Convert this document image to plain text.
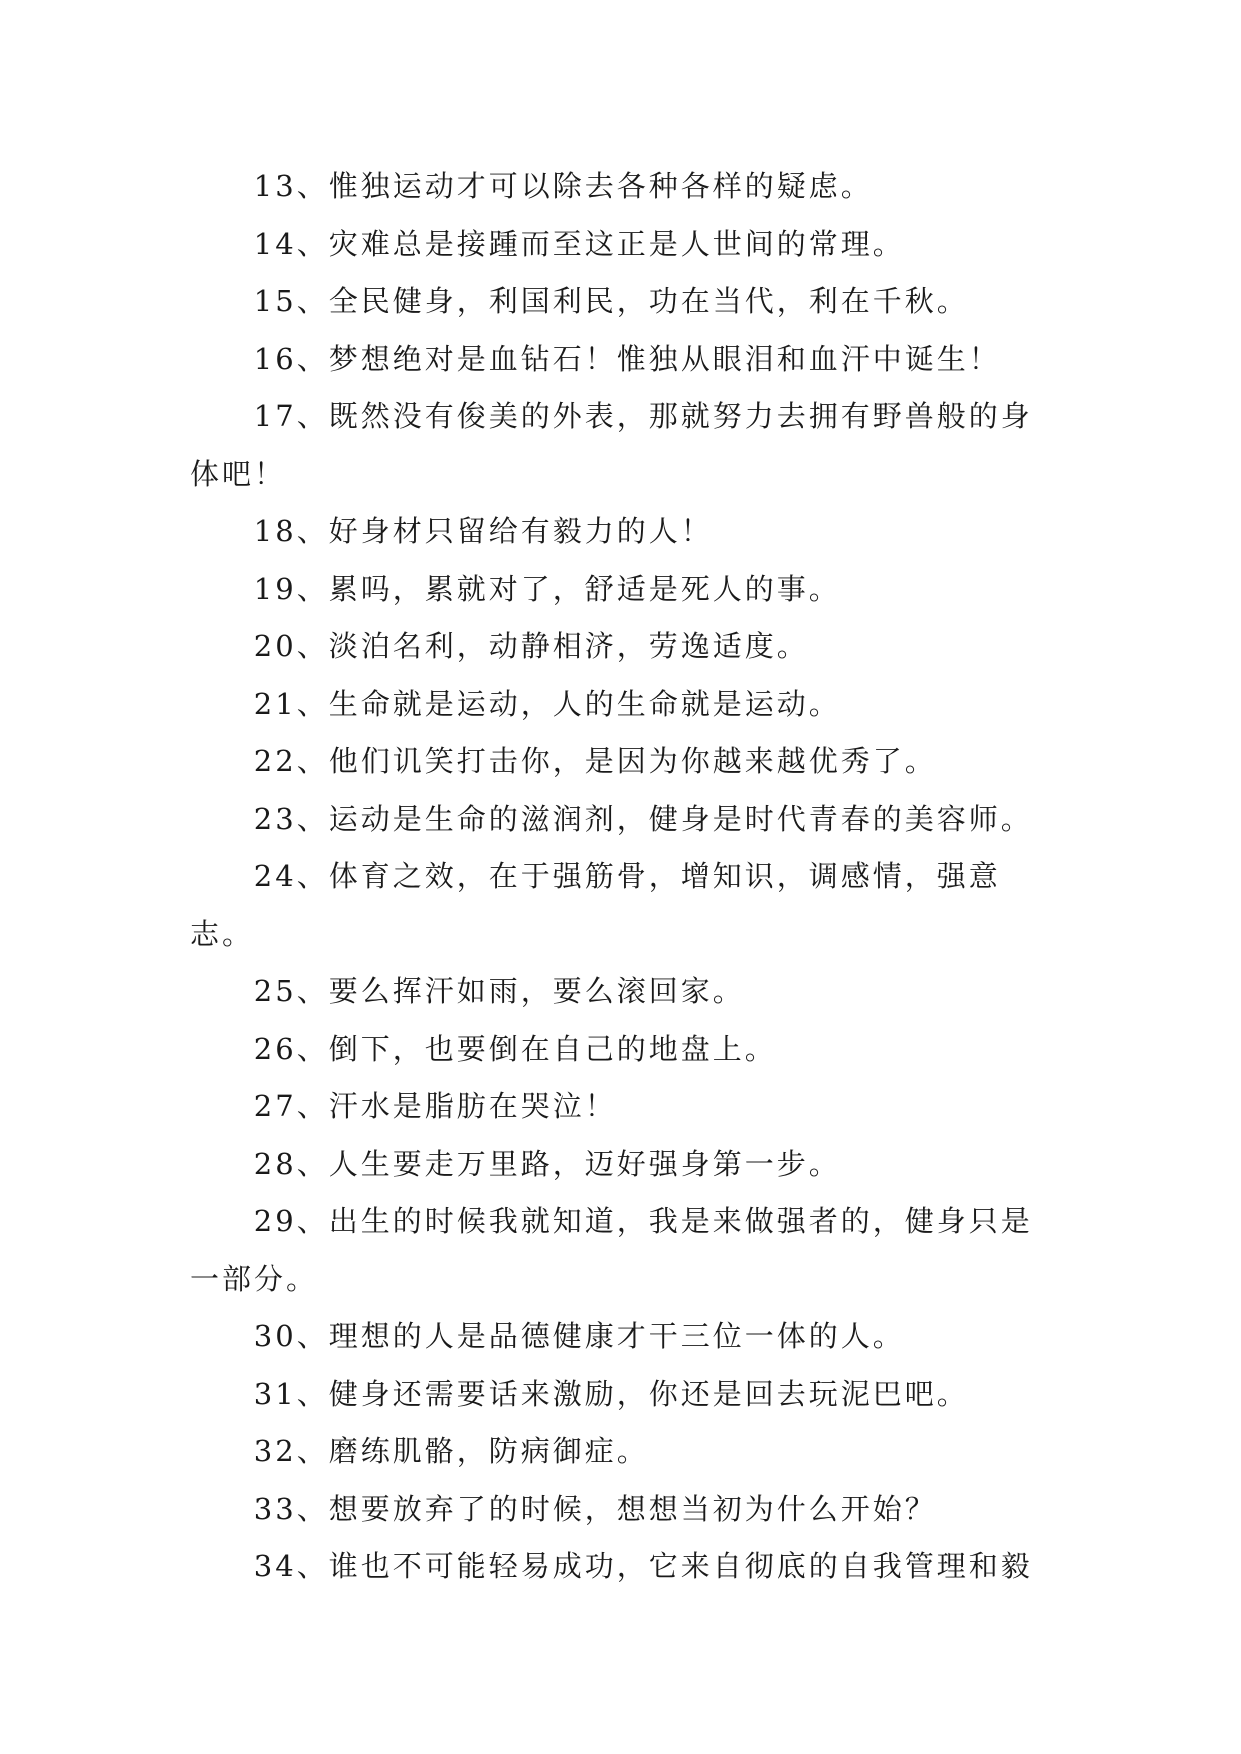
13、惟独运动才可以除去各种各样的疑虑。

14、灾难总是接踵而至这正是人世间的常理。

15、全民健身，利国利民，功在当代，利在千秋。

16、梦想绝对是血钻石！惟独从眼泪和血汗中诞生！

17、既然没有俊美的外表，那就努力去拥有野兽般的身体吧！

18、好身材只留给有毅力的人！

19、累吗，累就对了，舒适是死人的事。

20、淡泊名利，动静相济，劳逸适度。

21、生命就是运动，人的生命就是运动。

22、他们讥笑打击你，是因为你越来越优秀了。

23、运动是生命的滋润剂，健身是时代青春的美容师。

24、体育之效，在于强筋骨，增知识，调感情，强意志。

25、要么挥汗如雨，要么滚回家。

26、倒下，也要倒在自己的地盘上。

27、汗水是脂肪在哭泣！

28、人生要走万里路，迈好强身第一步。

29、出生的时候我就知道，我是来做强者的，健身只是一部分。

30、理想的人是品德健康才干三位一体的人。

31、健身还需要话来激励，你还是回去玩泥巴吧。

32、磨练肌骼，防病御症。

33、想要放弃了的时候，想想当初为什么开始？

34、谁也不可能轻易成功，它来自彻底的自我管理和毅
